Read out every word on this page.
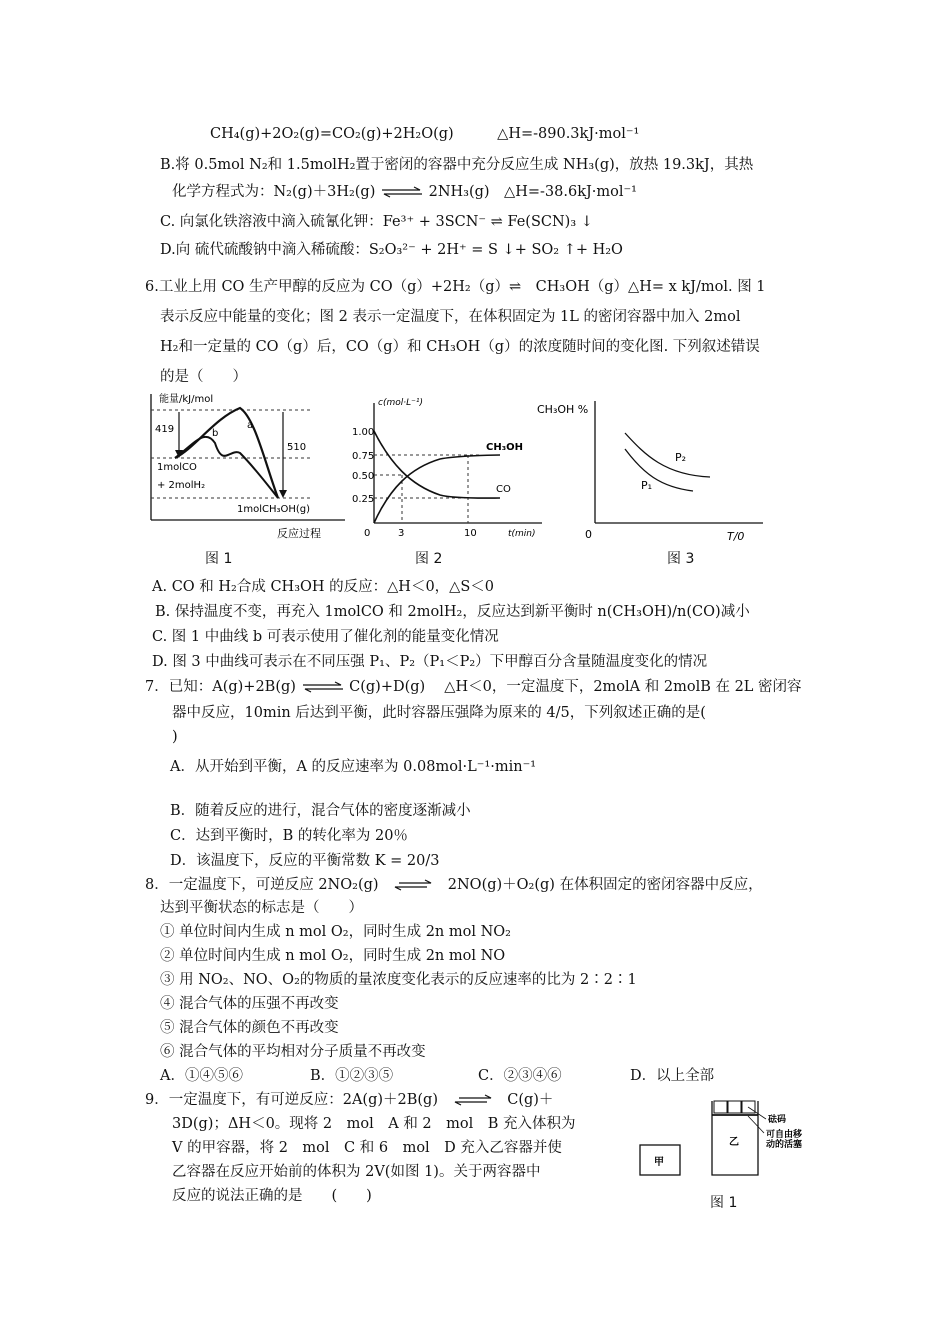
CH₄(g)+2O₂(g)=CO₂(g)+2H₂O(g)　　　△H=-890.3kJ·mol⁻¹
B.将 0.5mol N₂和 1.5molH₂置于密闭的容器中充分反应生成 NH₃(g)，放热 19.3kJ，其热
化学方程式为：N₂(g)＋3H₂(g) ⇌ 2NH₃(g)　△H=-38.6kJ·mol⁻¹
C. 向氯化铁溶液中滴入硫氰化钾：Fe³⁺ + 3SCN⁻ ⇌ Fe(SCN)₃ ↓
D.向 硫代硫酸钠中滴入稀硫酸：S₂O₃²⁻ + 2H⁺ = S ↓+ SO₂ ↑+ H₂O
6.工业上用 CO 生产甲醇的反应为 CO（g）+2H₂（g）⇌　CH₃OH（g）△H= x kJ/mol. 图 1
表示反应中能量的变化；图 2 表示一定温度下，在体积固定为 1L 的密闭容器中加入 2mol
H₂和一定量的 CO（g）后，CO（g）和 CH₃OH（g）的浓度随时间的变化图. 下列叙述错误
的是（　　）
能量/kJ/mol
419
510
a
b
1molCO
+ 2molH₂
1molCH₃OH(g)
反应过程
图 1
c(mol·L⁻¹)
1.00
0.75
0.50
0.25
0	3	10	t(min)
CH₃OH
CO
图 2
CH₃OH %
0	T/0
P₂
P₁
图 3
A. CO 和 H₂合成 CH₃OH 的反应：△H＜0，△S＜0
B. 保持温度不变，再充入 1molCO 和 2molH₂，反应达到新平衡时 n(CH₃OH)/n(CO)减小
C. 图 1 中曲线 b 可表示使用了催化剂的能量变化情况
D. 图 3 中曲线可表示在不同压强 P₁、P₂（P₁＜P₂）下甲醇百分含量随温度变化的情况
7．已知：A(g)+2B(g) ⇌ C(g)+D(g)　 △H＜0，一定温度下，2molA 和 2molB 在 2L 密闭容
器中反应，10min 后达到平衡，此时容器压强降为原来的 4/5，下列叙述正确的是(
)
A．从开始到平衡，A 的反应速率为 0.08mol·L⁻¹·min⁻¹
B．随着反应的进行，混合气体的密度逐渐减小
C．达到平衡时，B 的转化率为 20％
D．该温度下，反应的平衡常数 K = 20/3
8．一定温度下，可逆反应 2NO₂(g)	2NO(g)＋O₂(g) 在体积固定的密闭容器中反应，
达到平衡状态的标志是（　　）
① 单位时间内生成 n mol O₂，同时生成 2n mol NO₂
② 单位时间内生成 n mol O₂，同时生成 2n mol NO
③ 用 NO₂、NO、O₂的物质的量浓度变化表示的反应速率的比为 2∶2∶1
④ 混合气体的压强不再改变
⑤ 混合气体的颜色不再改变
⑥ 混合气体的平均相对分子质量不再改变
A．①④⑤⑥	B．①②③⑤	C．②③④⑥	D．以上全部
9．一定温度下，有可逆反应：2A(g)＋2B(g)	C(g)＋
3D(g)；ΔH＜0。现将 2　mol　A 和 2　mol　B 充入体积为
V 的甲容器，将 2　mol　C 和 6　mol　D 充入乙容器并使
乙容器在反应开始前的体积为 2V(如图 1)。关于两容器中
反应的说法正确的是　　(　　)
甲
乙
砝码
可自由移
动的活塞
图 1
